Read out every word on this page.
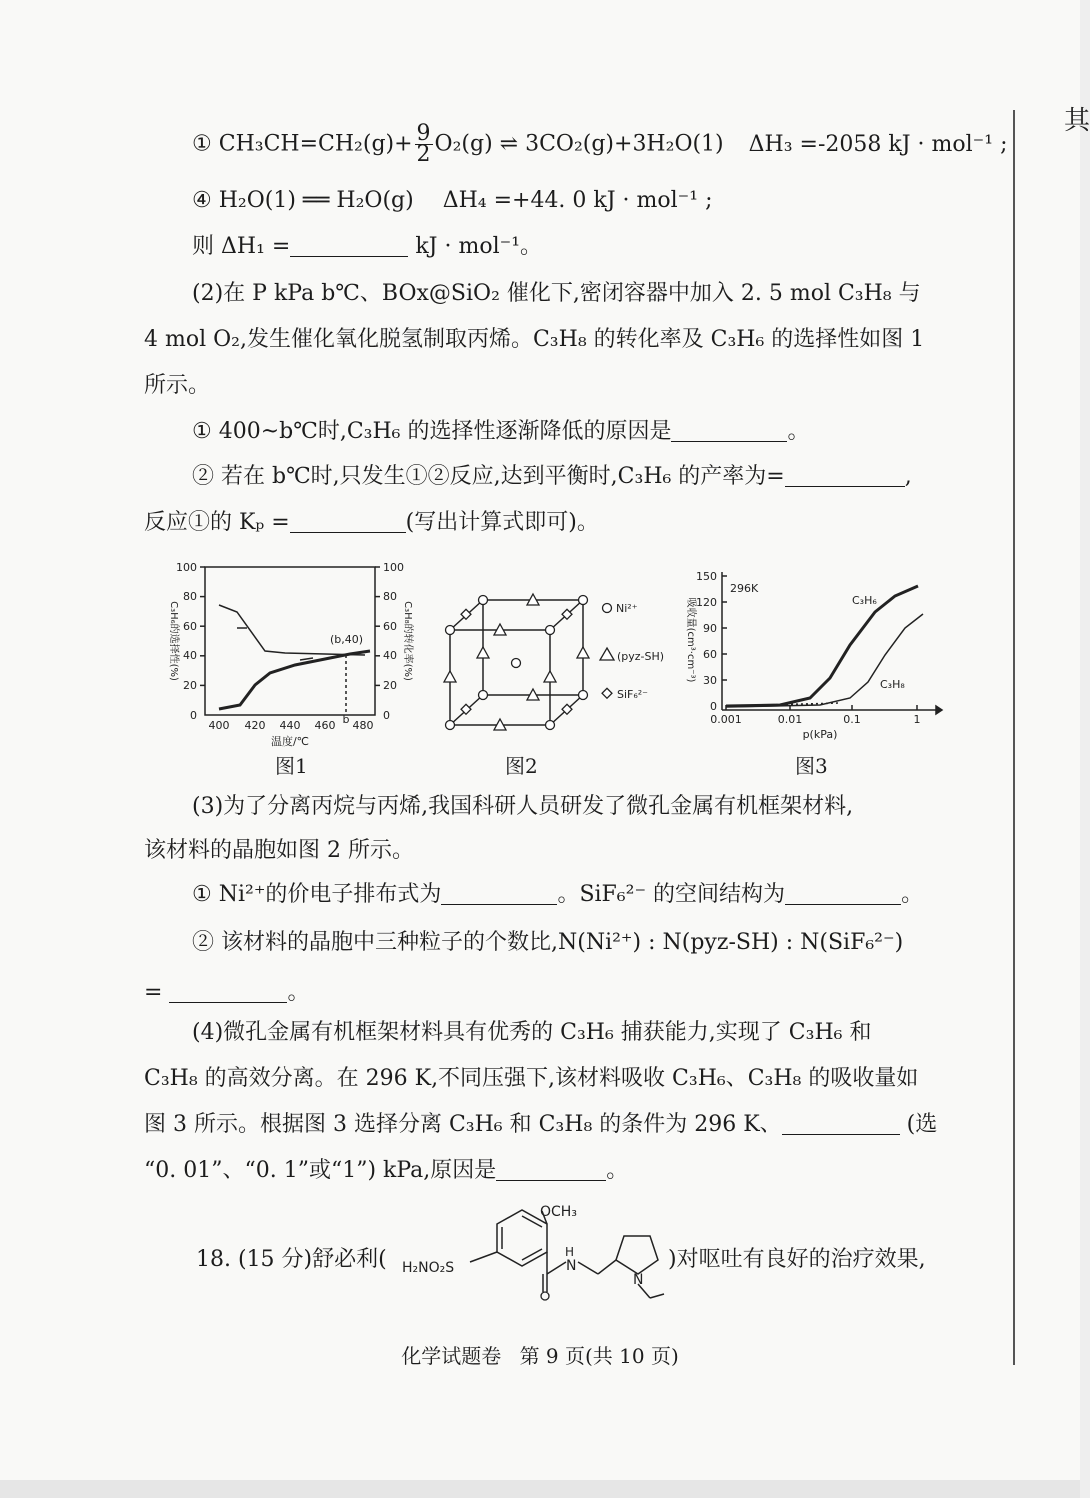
其
① $CH_3CH=CH_2(g)+ \frac{9}{2} O_2(g)$ ⇌ 3CO₂(g)+3H₂O(1) ΔH₃ =-2058 kJ · mol⁻¹ ;
④ H₂O(1) ══ H₂O(g) ΔH₄ =+44. 0 kJ · mol⁻¹ ;
则 ΔH₁ =	kJ · mol⁻¹。
(2)在 P kPa b℃、BOx@SiO₂ 催化下,密闭容器中加入 2. 5 mol C₃H₈ 与
4 mol O₂,发生催化氧化脱氢制取丙烯。C₃H₈ 的转化率及 C₃H₆ 的选择性如图 1
所示。
① 400~b℃时,C₃H₆ 的选择性逐渐降低的原因是	。
② 若在 b℃时,只发生①②反应,达到平衡时,C₃H₆ 的产率为=	,
反应①的 Kₚ =	(写出计算式即可)。
100
80
60
40
20
0
100
80
60
40
20
0
400 420 440 460 b 480
温度/℃
(b,40)
C₃H₆的选择性(%)	C₃H₈的转化率(%)
图1
Ni²⁺
(pyz-SH)
SiF₆²⁻
图2
150
120
90
60
30
0
0.001	0.01	0.1	1
p(kPa)
296K
C₃H₆
C₃H₈
吸收量(cm³·cm⁻³)
图3
(3)为了分离丙烷与丙烯,我国科研人员研发了微孔金属有机框架材料,
该材料的晶胞如图 2 所示。
① Ni²⁺的价电子排布式为	。SiF₆²⁻ 的空间结构为	。
② 该材料的晶胞中三种粒子的个数比,N(Ni²⁺) : N(pyz-SH) : N(SiF₆²⁻)
=	。
(4)微孔金属有机框架材料具有优秀的 C₃H₆ 捕获能力,实现了 C₃H₆ 和
C₃H₈ 的高效分离。在 296 K,不同压强下,该材料吸收 C₃H₆、C₃H₈ 的吸收量如
图 3 所示。根据图 3 选择分离 C₃H₆ 和 C₃H₈ 的条件为 296 K、	(选
“0. 01”、“0. 1”或“1”) kPa,原因是	。
18. (15 分)舒必利(
OCH₃
H₂NO₂S
H
N
N
)对呕吐有良好的治疗效果,
化学试题卷 第 9 页(共 10 页)
